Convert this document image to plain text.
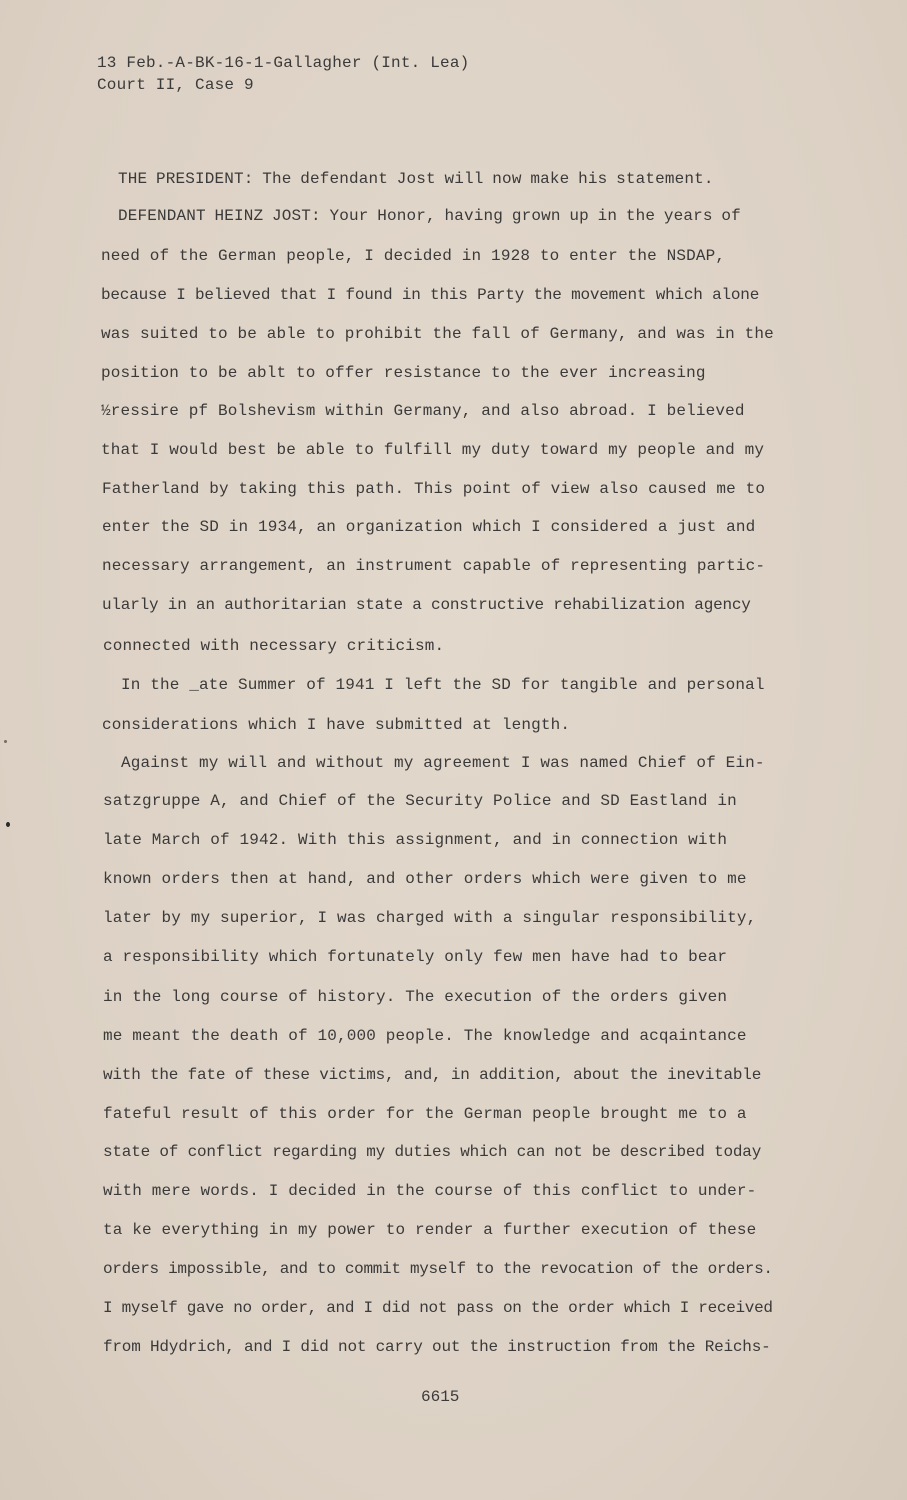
13 Feb.-A-BK-16-1-Gallagher (Int. Lea)
Court II, Case 9
THE PRESIDENT: The defendant Jost will now make his statement.
DEFENDANT HEINZ JOST: Your Honor, having grown up in the years of
need of the German people, I decided in 1928 to enter the NSDAP,
because I believed that I found in this Party the movement which alone
was suited to be able to prohibit the fall of Germany, and was in the
position to be ablt to offer resistance to the ever increasing
½ressire pf Bolshevism within Germany, and also abroad. I believed
that I would best be able to fulfill my duty toward my people and my
Fatherland by taking this path. This point of view also caused me to
enter the SD in 1934, an organization which I considered a just and
necessary arrangement, an instrument capable of representing partic-
ularly in an authoritarian state a constructive rehabilization agency
connected with necessary criticism.
In the _ate Summer of 1941 I left the SD for tangible and personal
considerations which I have submitted at length.
Against my will and without my agreement I was named Chief of Ein-
satzgruppe A, and Chief of the Security Police and SD Eastland in
late March of 1942. With this assignment, and in connection with
known orders then at hand, and other orders which were given to me
later by my superior, I was charged with a singular responsibility,
a responsibility which fortunately only few men have had to bear
in the long course of history. The execution of the orders given
me meant the death of 10,000 people. The knowledge and acqaintance
with the fate of these victims, and, in addition, about the inevitable
fateful result of this order for the German people brought me to a
state of conflict regarding my duties which can not be described today
with mere words. I decided in the course of this conflict to under-
ta ke everything in my power to render a further execution of these
orders impossible, and to commit myself to the revocation of the orders.
I myself gave no order, and I did not pass on the order which I received
from Hdydrich, and I did not carry out the instruction from the Reichs-
6615
